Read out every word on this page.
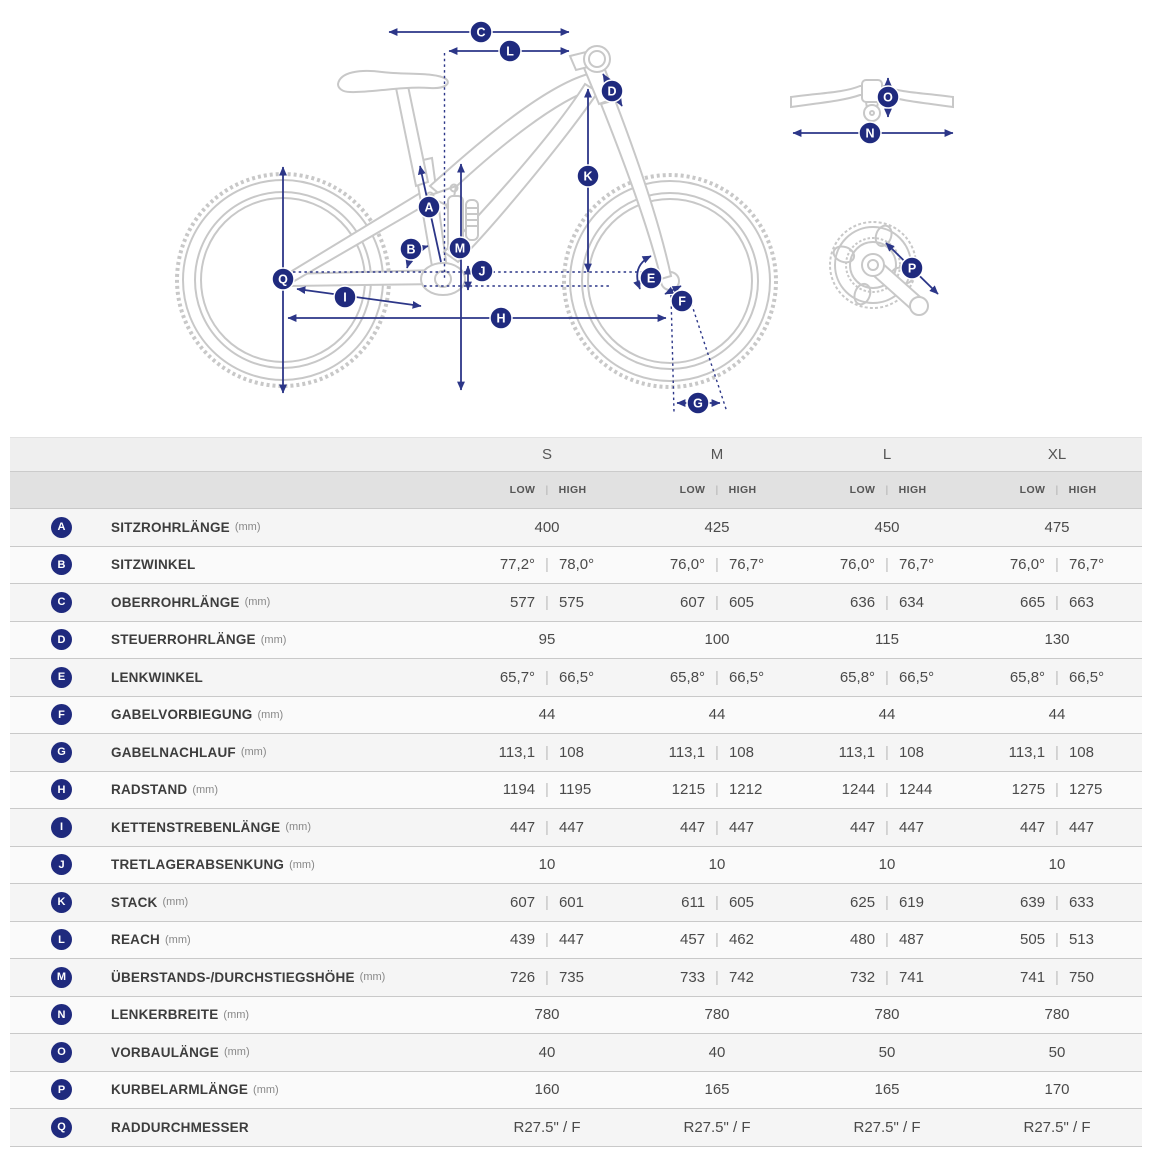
A
B
C
D
E
F
G
H
I
J
K
L
M
N
O
P
Q
S	M	L	XL
LOW | HIGH	LOW | HIGH	LOW | HIGH	LOW | HIGH
A	SITZROHRLÄNGE (mm)	400	425	450	475
B	SITZWINKEL	77,2° | 78,0°	76,0° | 76,7°	76,0° | 76,7°	76,0° | 76,7°
C	OBERROHRLÄNGE (mm)	577 | 575	607 | 605	636 | 634	665 | 663
D	STEUERROHRLÄNGE (mm)	95	100	115	130
E	LENKWINKEL	65,7° | 66,5°	65,8° | 66,5°	65,8° | 66,5°	65,8° | 66,5°
F	GABELVORBIEGUNG (mm)	44	44	44	44
G	GABELNACHLAUF (mm)	113,1 | 108	113,1 | 108	113,1 | 108	113,1 | 108
H	RADSTAND (mm)	1194 | 1195	1215 | 1212	1244 | 1244	1275 | 1275
I	KETTENSTREBENLÄNGE (mm)	447 | 447	447 | 447	447 | 447	447 | 447
J	TRETLAGERABSENKUNG (mm)	10	10	10	10
K	STACK (mm)	607 | 601	611 | 605	625 | 619	639 | 633
L	REACH (mm)	439 | 447	457 | 462	480 | 487	505 | 513
M	ÜBERSTANDS-/DURCHSTIEGSHÖHE (mm)	726 | 735	733 | 742	732 | 741	741 | 750
N	LENKERBREITE (mm)	780	780	780	780
O	VORBAULÄNGE (mm)	40	40	50	50
P	KURBELARMLÄNGE (mm)	160	165	165	170
Q	RADDURCHMESSER	R27.5" / F	R27.5" / F	R27.5" / F	R27.5" / F
